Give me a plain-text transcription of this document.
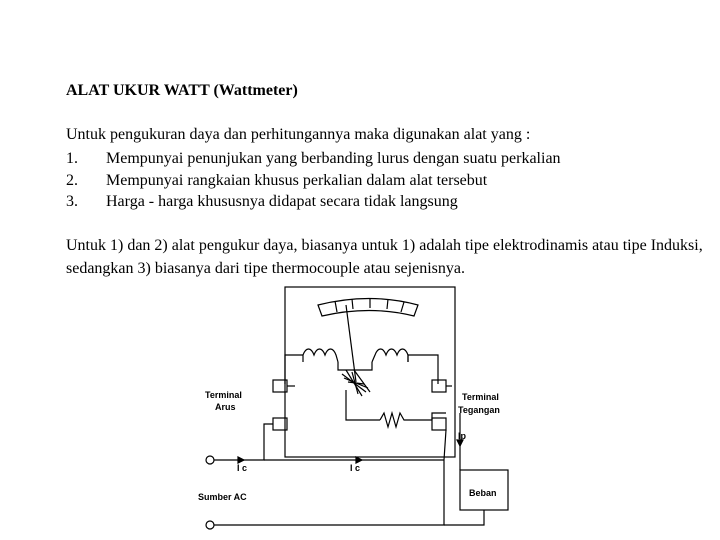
ALAT UKUR WATT (Wattmeter)
Untuk pengukuran daya dan perhitungannya maka digunakan alat yang :
1. Mempunyai penunjukan yang berbanding lurus dengan suatu perkalian
2. Mempunyai rangkaian khusus perkalian dalam alat tersebut
3. Harga - harga khususnya didapat secara tidak langsung

Untuk 1) dan 2) alat pengukur daya, biasanya untuk 1) adalah tipe elektrodinamis atau tipe Induksi, sedangkan 3) biasanya dari tipe thermocouple atau sejenisnya.

Terminal
Arus
Terminal
Tegangan
Ip
I c	I c
Sumber AC	Beban
